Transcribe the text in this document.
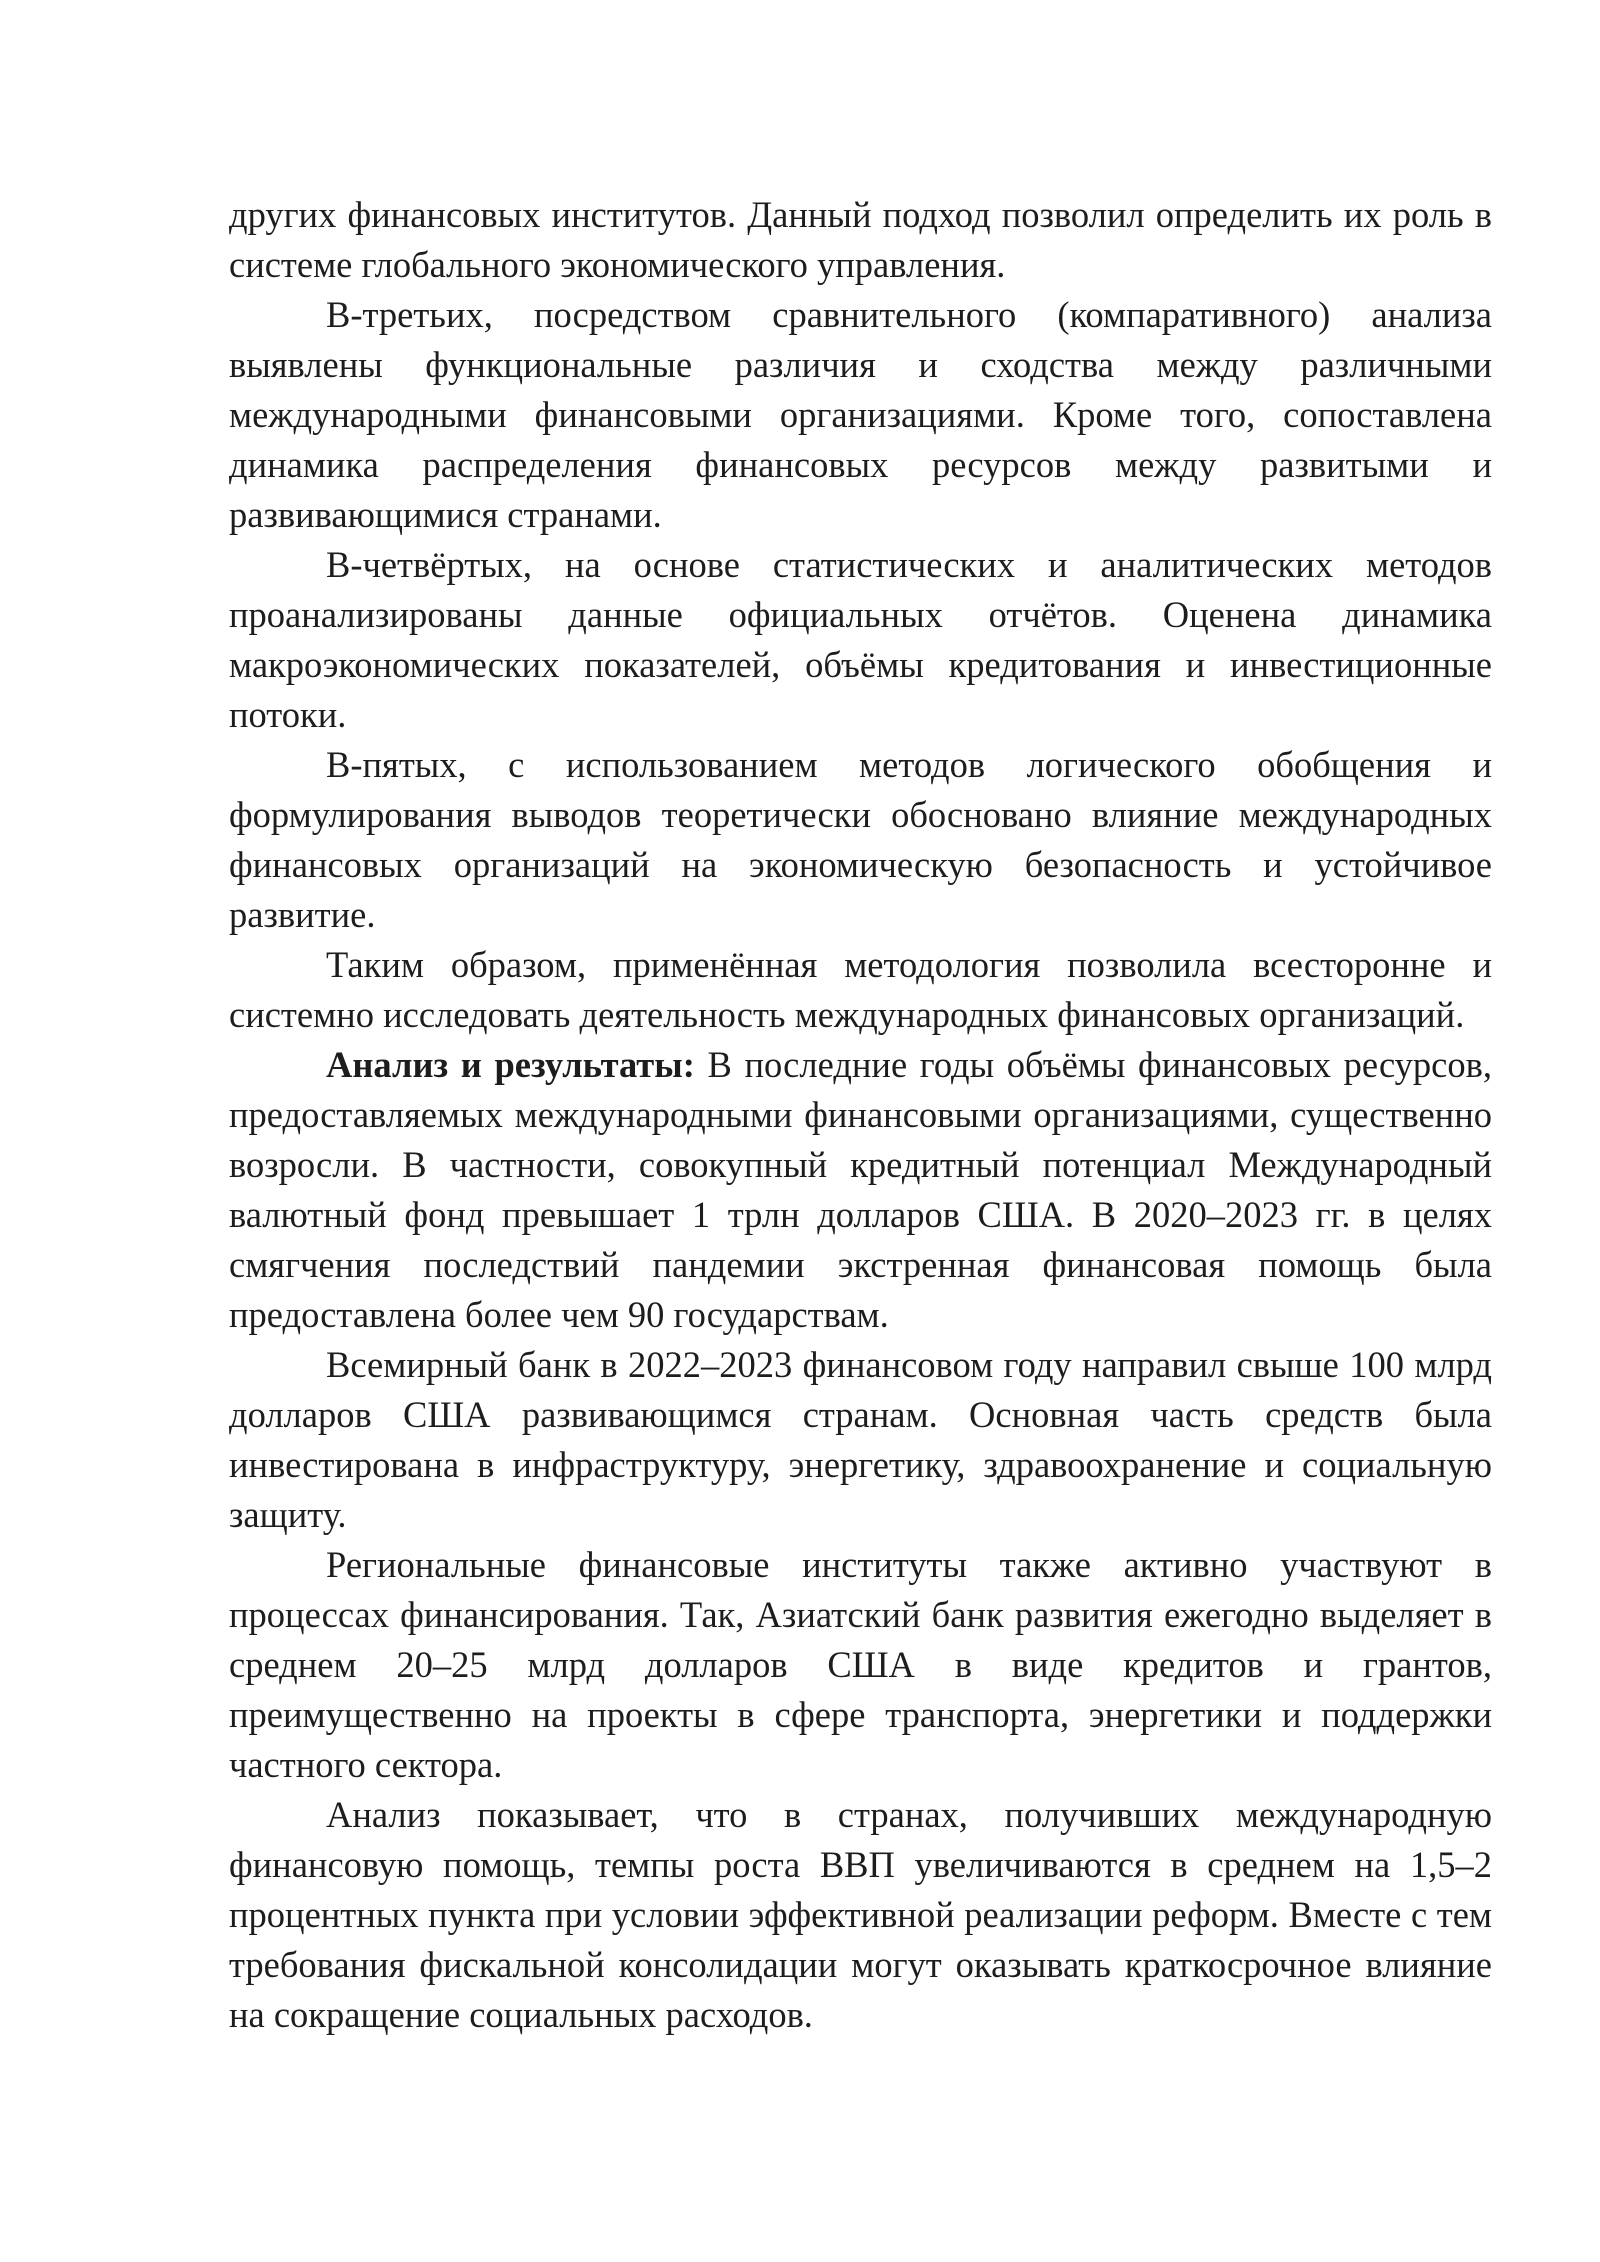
других финансовых институтов. Данный подход позволил определить их роль в системе глобального экономического управления.

В-третьих, посредством сравнительного (компаративного) анализа выявлены функциональные различия и сходства между различными международными финансовыми организациями. Кроме того, сопоставлена динамика распределения финансовых ресурсов между развитыми и развивающимися странами.

В-четвёртых, на основе статистических и аналитических методов проанализированы данные официальных отчётов. Оценена динамика макроэкономических показателей, объёмы кредитования и инвестиционные потоки.

В-пятых, с использованием методов логического обобщения и формулирования выводов теоретически обосновано влияние международных финансовых организаций на экономическую безопасность и устойчивое развитие.

Таким образом, применённая методология позволила всесторонне и системно исследовать деятельность международных финансовых организаций.

Анализ и результаты: В последние годы объёмы финансовых ресурсов, предоставляемых международными финансовыми организациями, существенно возросли. В частности, совокупный кредитный потенциал Международный валютный фонд превышает 1 трлн долларов США. В 2020–2023 гг. в целях смягчения последствий пандемии экстренная финансовая помощь была предоставлена более чем 90 государствам.

Всемирный банк в 2022–2023 финансовом году направил свыше 100 млрд долларов США развивающимся странам. Основная часть средств была инвестирована в инфраструктуру, энергетику, здравоохранение и социальную защиту.

Региональные финансовые институты также активно участвуют в процессах финансирования. Так, Азиатский банк развития ежегодно выделяет в среднем 20–25 млрд долларов США в виде кредитов и грантов, преимущественно на проекты в сфере транспорта, энергетики и поддержки частного сектора.

Анализ показывает, что в странах, получивших международную финансовую помощь, темпы роста ВВП увеличиваются в среднем на 1,5–2 процентных пункта при условии эффективной реализации реформ. Вместе с тем требования фискальной консолидации могут оказывать краткосрочное влияние на сокращение социальных расходов.
